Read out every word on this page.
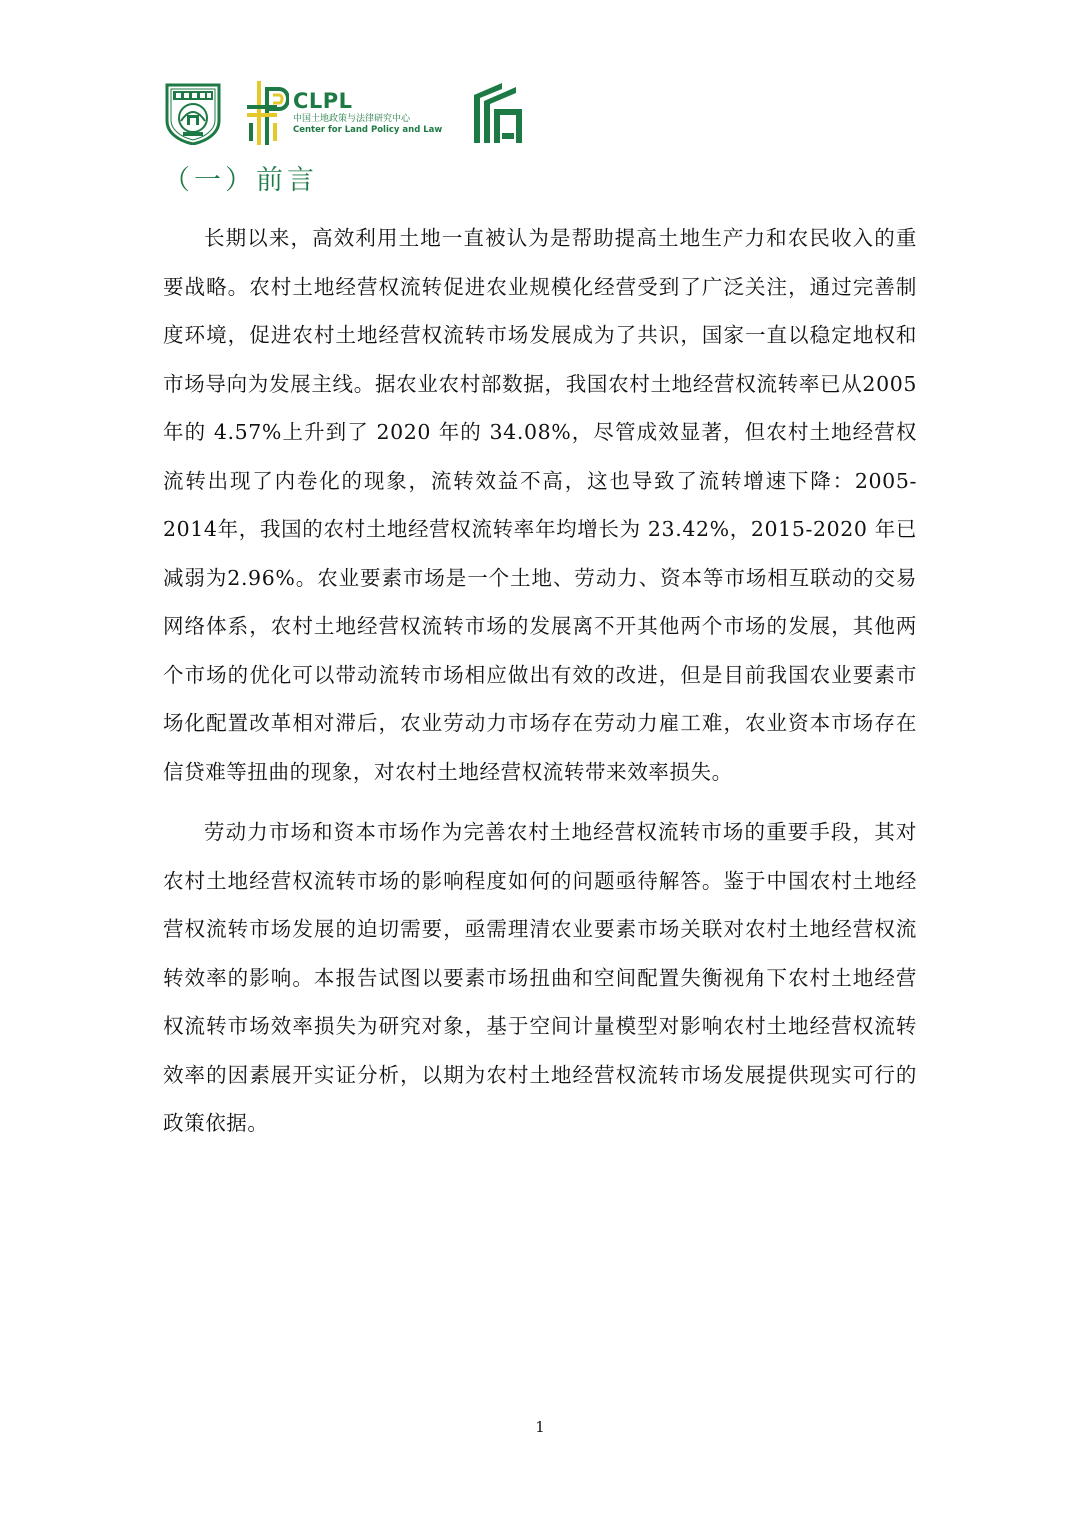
CLPL
中国土地政策与法律研究中心
Center for Land Policy and Law
（一）前言

长期以来，高效利用土地一直被认为是帮助提高土地生产力和农民收入的重要战略。农村土地经营权流转促进农业规模化经营受到了广泛关注，通过完善制度环境，促进农村土地经营权流转市场发展成为了共识，国家一直以稳定地权和市场导向为发展主线。据农业农村部数据，我国农村土地经营权流转率已从2005 年的 4.57%上升到了 2020 年的 34.08%，尽管成效显著，但农村土地经营权流转出现了内卷化的现象，流转效益不高，这也导致了流转增速下降：2005-2014年，我国的农村土地经营权流转率年均增长为 23.42%，2015-2020 年已减弱为2.96%。农业要素市场是一个土地、劳动力、资本等市场相互联动的交易网络体系，农村土地经营权流转市场的发展离不开其他两个市场的发展，其他两个市场的优化可以带动流转市场相应做出有效的改进，但是目前我国农业要素市场化配置改革相对滞后，农业劳动力市场存在劳动力雇工难，农业资本市场存在信贷难等扭曲的现象，对农村土地经营权流转带来效率损失。

劳动力市场和资本市场作为完善农村土地经营权流转市场的重要手段，其对农村土地经营权流转市场的影响程度如何的问题亟待解答。鉴于中国农村土地经营权流转市场发展的迫切需要，亟需理清农业要素市场关联对农村土地经营权流转效率的影响。本报告试图以要素市场扭曲和空间配置失衡视角下农村土地经营权流转市场效率损失为研究对象，基于空间计量模型对影响农村土地经营权流转效率的因素展开实证分析，以期为农村土地经营权流转市场发展提供现实可行的政策依据。

1
